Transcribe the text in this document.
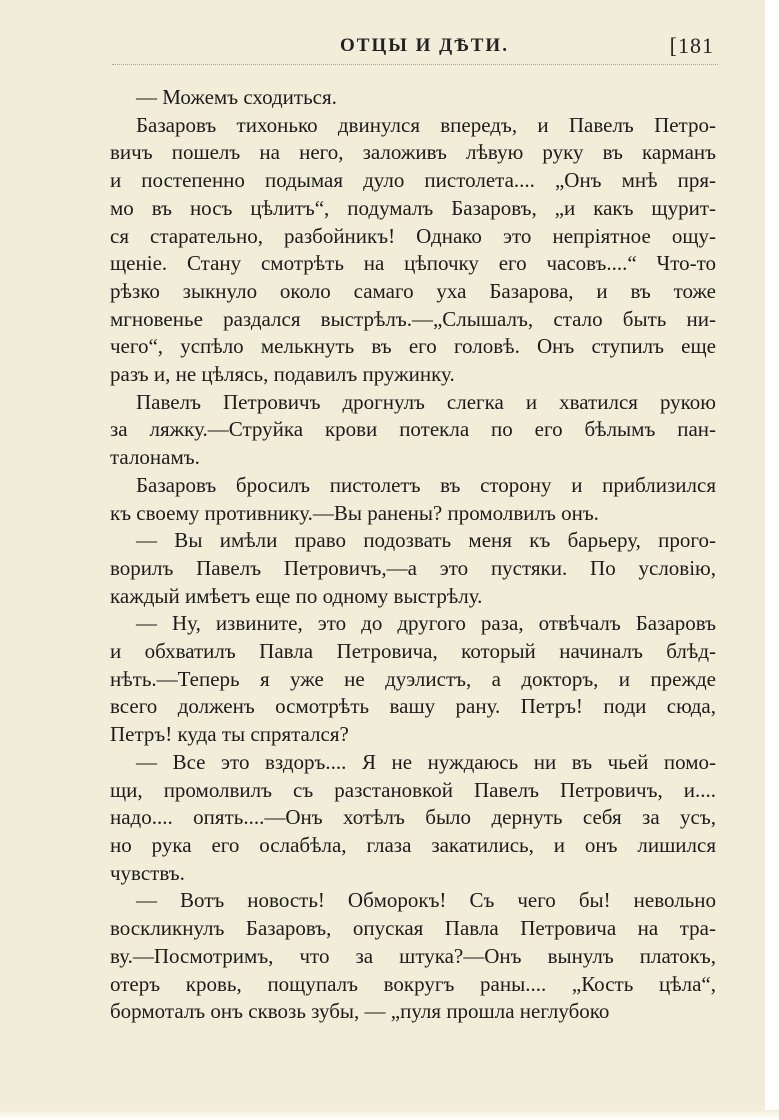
ОТЦЫ И ДѢТИ.	[181
— Можемъ сходиться.
Базаровъ тихонько двинулся впередъ, и Павелъ Петро-
вичъ пошелъ на него, заложивъ лѣвую руку въ карманъ
и постепенно подымая дуло пистолета.... „Онъ мнѣ пря-
мо въ носъ цѣлитъ“, подумалъ Базаровъ, „и какъ щурит-
ся старательно, разбойникъ! Однако это непріятное ощу-
щеніе. Стану смотрѣть на цѣпочку его часовъ....“ Что-то
рѣзко зыкнуло около самаго уха Базарова, и въ тоже
мгновенье раздался выстрѣлъ.—„Слышалъ, стало быть ни-
чего“, успѣло мелькнуть въ его головѣ. Онъ ступилъ еще
разъ и, не цѣлясь, подавилъ пружинку.
Павелъ Петровичъ дрогнулъ слегка и хватился рукою
за ляжку.—Струйка крови потекла по его бѣлымъ пан-
талонамъ.
Базаровъ бросилъ пистолетъ въ сторону и приблизился
къ своему противнику.—Вы ранены? промолвилъ онъ.
— Вы имѣли право подозвать меня къ барьеру, прого-
ворилъ Павелъ Петровичъ,—а это пустяки. По условію,
каждый имѣетъ еще по одному выстрѣлу.
— Ну, извините, это до другого раза, отвѣчалъ Базаровъ
и обхватилъ Павла Петровича, который начиналъ блѣд-
нѣть.—Теперь я уже не дуэлистъ, а докторъ, и прежде
всего долженъ осмотрѣть вашу рану. Петръ! поди сюда,
Петръ! куда ты спрятался?
— Все это вздоръ.... Я не нуждаюсь ни въ чьей помо-
щи, промолвилъ съ разстановкой Павелъ Петровичъ, и....
надо.... опять....—Онъ хотѣлъ было дернуть себя за усъ,
но рука его ослабѣла, глаза закатились, и онъ лишился
чувствъ.
— Вотъ новость! Обморокъ! Съ чего бы! невольно
воскликнулъ Базаровъ, опуская Павла Петровича на тра-
ву.—Посмотримъ, что за штука?—Онъ вынулъ платокъ,
отеръ кровь, пощупалъ вокругъ раны.... „Кость цѣла“,
бормоталъ онъ сквозь зубы, — „пуля прошла неглубоко
